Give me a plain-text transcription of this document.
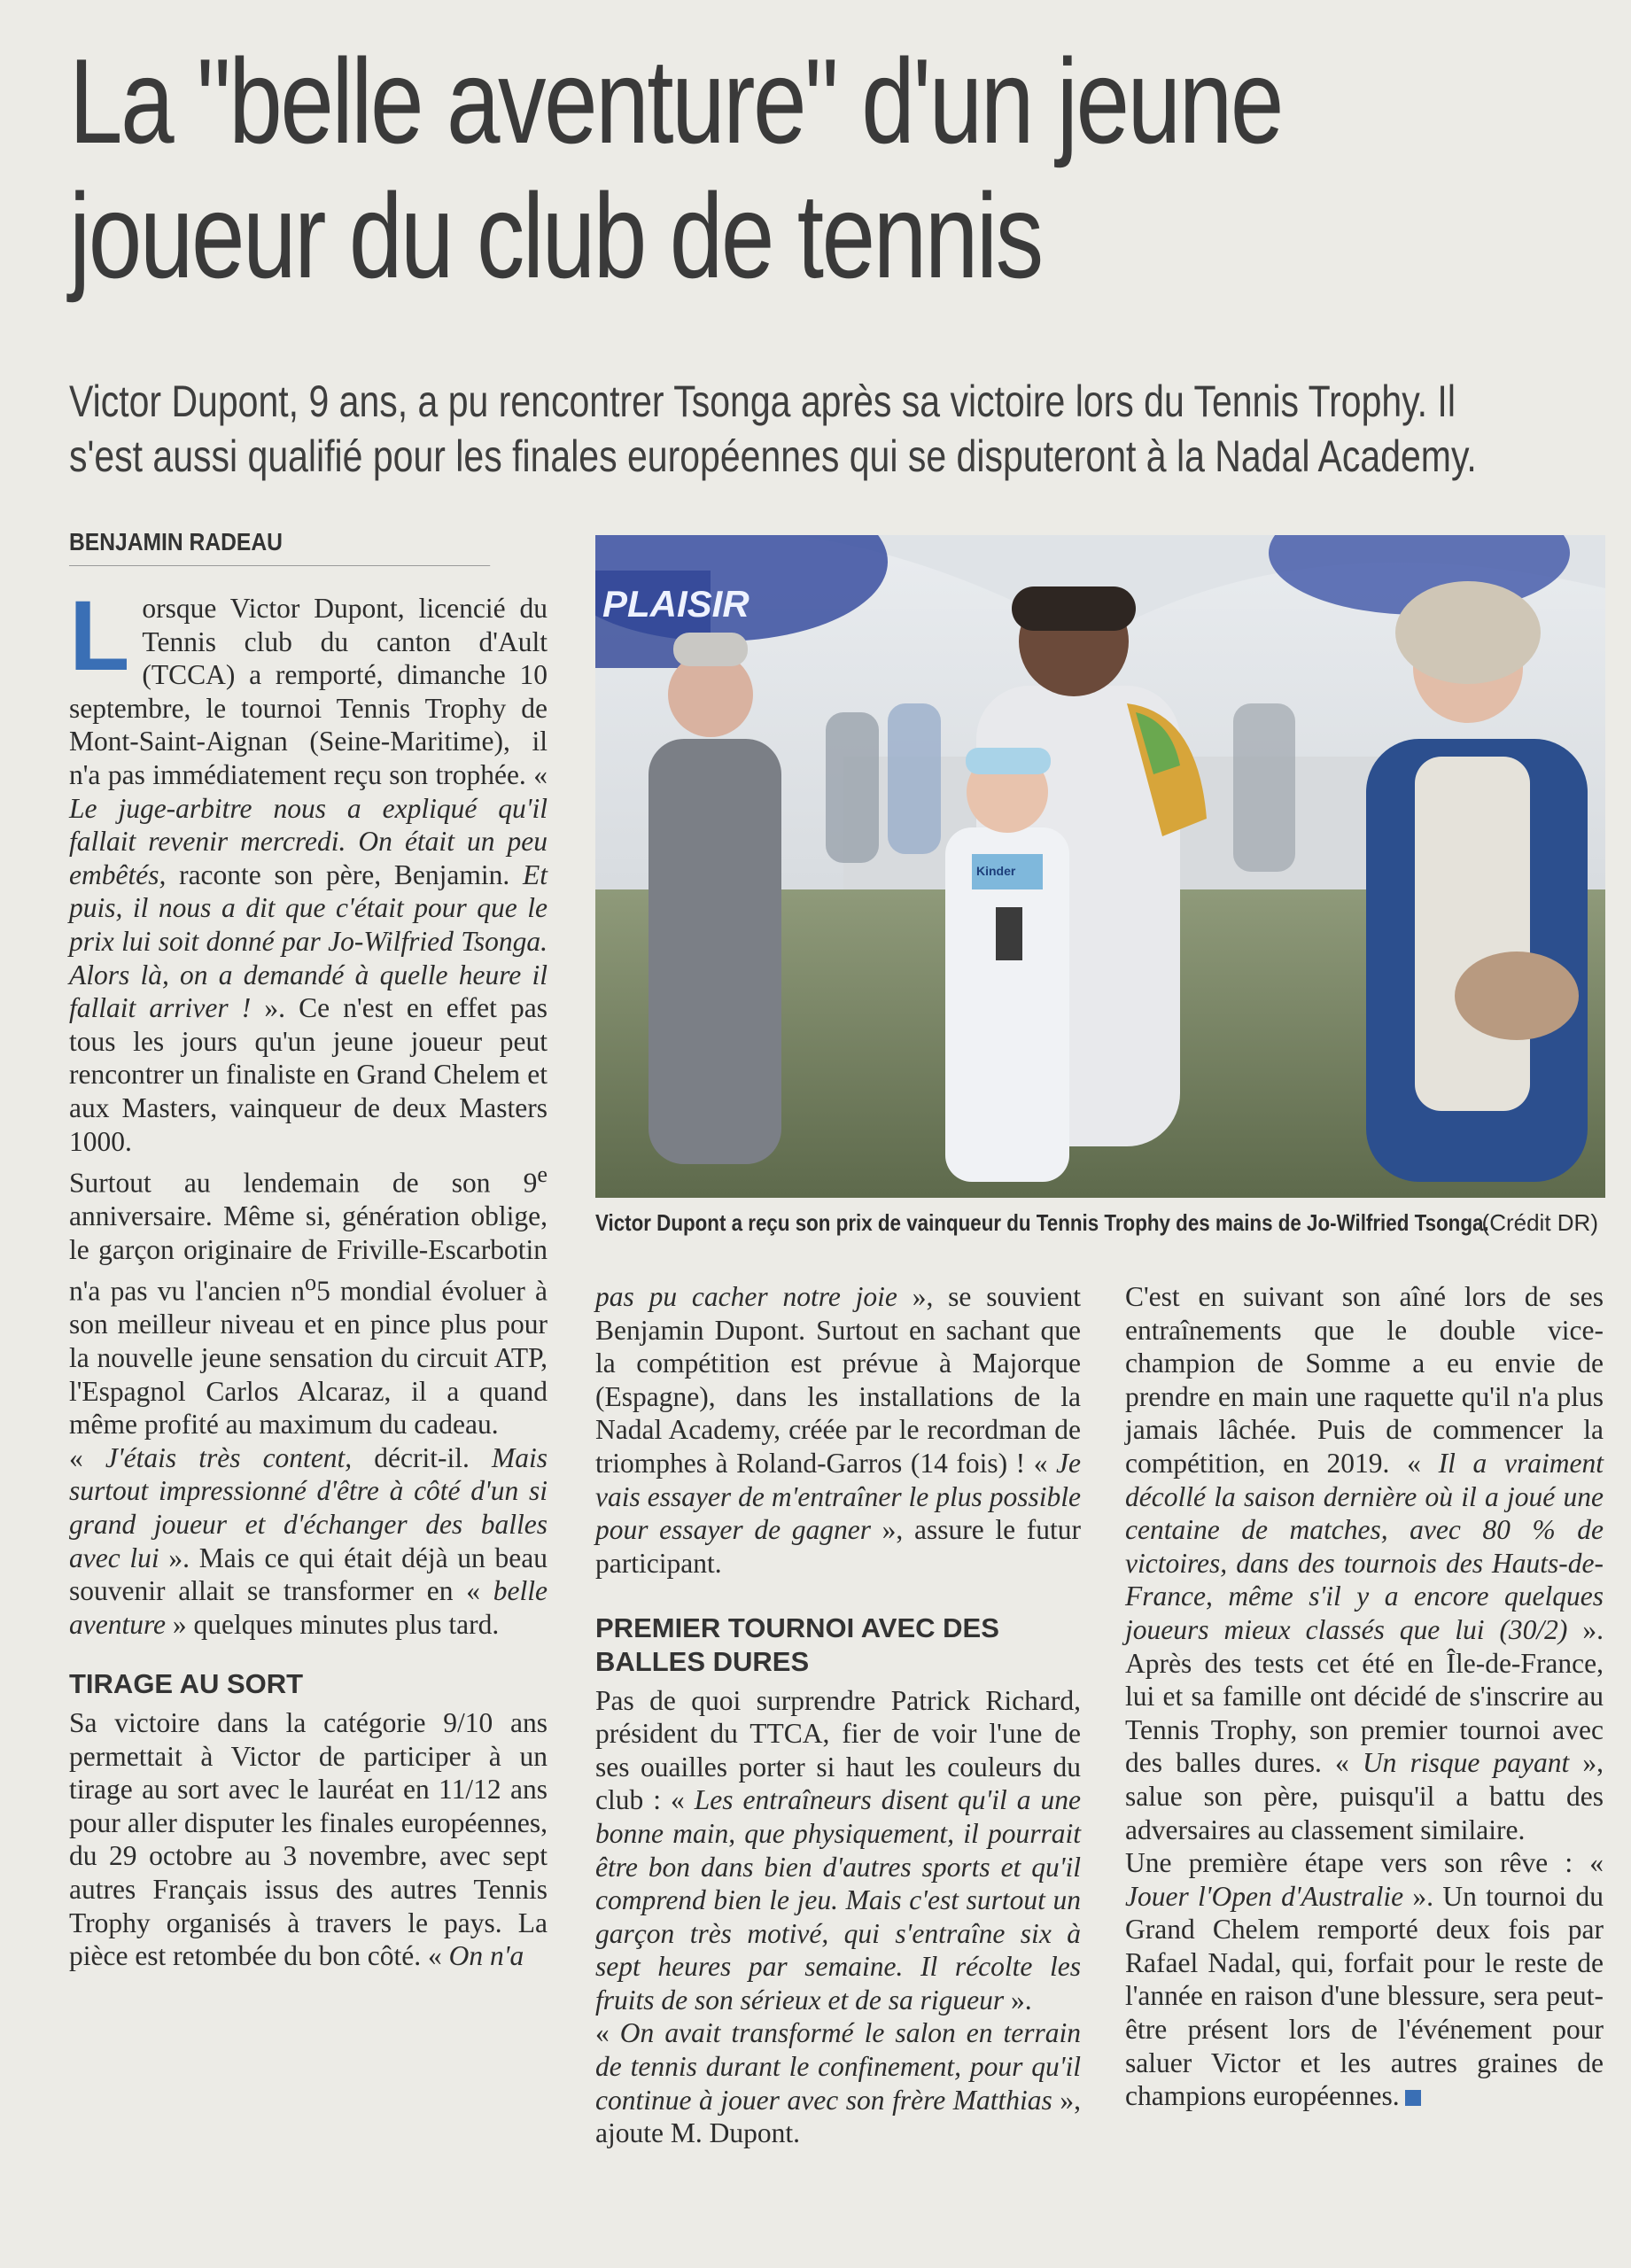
La "belle aventure" d'un jeune
joueur du club de tennis
Victor Dupont, 9 ans, a pu rencontrer Tsonga après sa victoire lors du Tennis Trophy. Il
s'est aussi qualifié pour les finales européennes qui se disputeront à la Nadal Academy.
BENJAMIN RADEAU

Lorsque Victor Dupont, licencié du Tennis club du canton d'Ault (TCCA) a remporté, dimanche 10 septembre, le tournoi Tennis Trophy de Mont-Saint-Aignan (Seine-Maritime), il n'a pas immédiatement reçu son trophée. « Le juge-arbitre nous a expliqué qu'il fallait revenir mercredi. On était un peu embêtés, raconte son père, Benjamin. Et puis, il nous a dit que c'était pour que le prix lui soit donné par Jo-Wilfried Tsonga. Alors là, on a demandé à quelle heure il fallait arriver ! ». Ce n'est en effet pas tous les jours qu'un jeune joueur peut rencontrer un finaliste en Grand Chelem et aux Masters, vainqueur de deux Masters 1000.

Surtout au lendemain de son 9e anniversaire. Même si, génération oblige, le garçon originaire de Friville-Escarbotin n'a pas vu l'ancien $n^o5$ mondial évoluer à son meilleur niveau et en pince plus pour la nouvelle jeune sensation du circuit ATP, l'Espagnol Carlos Alcaraz, il a quand même profité au maximum du cadeau.

« J'étais très content, décrit-il. Mais surtout impressionné d'être à côté d'un si grand joueur et d'échanger des balles avec lui ». Mais ce qui était déjà un beau souvenir allait se transformer en « belle aventure » quelques minutes plus tard.

TIRAGE AU SORT

Sa victoire dans la catégorie 9/10 ans permettait à Victor de participer à un tirage au sort avec le lauréat en 11/12 ans pour aller disputer les finales européennes, du 29 octobre au 3 novembre, avec sept autres Français issus des autres Tennis Trophy organisés à travers le pays. La pièce est retombée du bon côté. « On n'a

PLAISIR
Kinder
Victor Dupont a reçu son prix de vainqueur du Tennis Trophy des mains de Jo-Wilfried Tsonga.
(Crédit DR)

pas pu cacher notre joie », se souvient Benjamin Dupont. Surtout en sachant que la compétition est prévue à Majorque (Espagne), dans les installations de la Nadal Academy, créée par le recordman de triomphes à Roland-Garros (14 fois) ! « Je vais essayer de m'entraîner le plus possible pour essayer de gagner », assure le futur participant.

PREMIER TOURNOI AVEC DES BALLES DURES

Pas de quoi surprendre Patrick Richard, président du TTCA, fier de voir l'une de ses ouailles porter si haut les couleurs du club : « Les entraîneurs disent qu'il a une bonne main, que physiquement, il pourrait être bon dans bien d'autres sports et qu'il comprend bien le jeu. Mais c'est surtout un garçon très motivé, qui s'entraîne six à sept heures par semaine. Il récolte les fruits de son sérieux et de sa rigueur ».

« On avait transformé le salon en terrain de tennis durant le confinement, pour qu'il continue à jouer avec son frère Matthias », ajoute M. Dupont.

C'est en suivant son aîné lors de ses entraînements que le double vice-champion de Somme a eu envie de prendre en main une raquette qu'il n'a plus jamais lâchée. Puis de commencer la compétition, en 2019. « Il a vraiment décollé la saison dernière où il a joué une centaine de matches, avec 80 % de victoires, dans des tournois des Hauts-de-France, même s'il y a encore quelques joueurs mieux classés que lui (30/2) ». Après des tests cet été en Île-de-France, lui et sa famille ont décidé de s'inscrire au Tennis Trophy, son premier tournoi avec des balles dures. « Un risque payant », salue son père, puisqu'il a battu des adversaires au classement similaire.

Une première étape vers son rêve : « Jouer l'Open d'Australie ». Un tournoi du Grand Chelem remporté deux fois par Rafael Nadal, qui, forfait pour le reste de l'année en raison d'une blessure, sera peut-être présent lors de l'événement pour saluer Victor et les autres graines de champions européennes.
